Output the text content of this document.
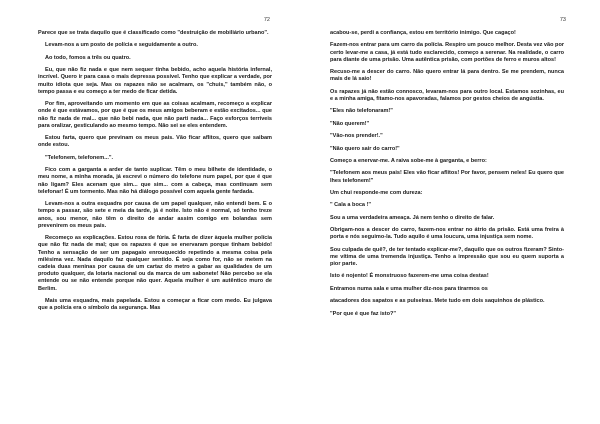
72

Parece que se trata daquilo que é classificado como "destruição de mobiliário urbano".

Levam-nos a um posto de polícia e seguidamente a outro.

Ao todo, fomos a três ou quatro.

Eu, que não fiz nada e que nem sequer tinha bebido, acho aquela história infernal, incrível. Quero ir para casa o mais depressa possível. Tenho que explicar a verdade, por muito idiota que seja. Mas os rapazes não se acalmam, os "chuis," também não, o tempo passa e eu começo a ter medo de ficar detida.

Por fim, aproveitando um momento em que as coisas acalmam, recomeço a explicar onde é que estávamos, por que é que os meus amigos beberam e estão excitados... que não fiz nada de mal... que não bebi nada, que não parti nada... Faço esforços terríveis para oralizar, gesticulando ao mesmo tempo. Não sei se eles entendem.

Estou farta, quero que previnam os meus pais. Vão ficar aflitos, quero que saibam onde estou.

"Telefonem, telefonem...".

Fico com a garganta a arder de tanto suplicar. Têm o meu bilhete de identidade, o meu nome, a minha morada, já escrevi o número do telefone num papel, por que é que não ligam? Eles acenam que sim... que sim... com a cabeça, mas continuam sem telefonar! É um tormento. Mas não há diálogo possível com aquela gente fardada.

Levam-nos a outra esquadra por causa de um papel qualquer, não entendi bem. E o tempo a passar, são sete e meia da tarde, já é noite. Isto não é normal, só tenho treze anos, sou menor, não têm o direito de andar assim comigo em bolandas sem prevenirem os meus pais.

Recomeço as explicações. Estou roxa de fúria. É farta de dizer àquela mulher polícia que não fiz nada de mal; que os rapazes é que se enervaram porque tinham bebido! Tenho a sensação de ser um papagaio enrouquecido repetindo a mesma coisa pela milésima vez. Nada daquilo faz qualquer sentido. É seja como for, não se metem na cadeia duas meninas por causa de um cartaz do metro a gabar as qualidades de um produto qualquer, da lotaria nacional ou da marca de um sabonete! Não percebo se ela entende ou se não entende porque não quer. Aquela mulher é um autêntico muro de Berlim.

Mais uma esquadra, mais papelada. Estou a começar a ficar com medo. Eu julgava que a polícia era o símbolo da segurança. Mas

73

acabou-se, perdi a confiança, estou em território inimigo. Que cagaço!

Fazem-nos entrar para um carro da polícia. Respiro um pouco melhor. Desta vez vão por certo levar-me a casa, já está tudo esclarecido, começo a serenar. Na realidade, o carro para diante de uma prisão. Uma autêntica prisão, com portões de ferro e muros altos!

Recuso-me a descer do carro. Não quero entrar lá para dentro. Se me prendem, nunca mais de lá saio!

Os rapazes já não estão connosco, levaram-nos para outro local. Estamos sozinhas, eu e a minha amiga, fitamo-nos apavoradas, falamos por gestos cheios de angústia.

"Eles não telefonaram!"

"Não querem!"

"Vão-nos prender!."

"Não quero sair do carro!"

Começo a enervar-me. A raiva sobe-me à garganta, e berro:

"Telefonem aos meus pais! Eles vão ficar aflitos! Por favor, pensem neles! Eu quero que lhes telefonem!"

Um chui responde-me com dureza:

" Cala a boca !"

Sou a uma verdadeira ameaça. Já nem tenho o direito de falar.

Obrigam-nos a descer do carro, fazem-nos entrar no átrio da prisão. Está uma freira à porta e nós seguimo-la. Tudo aquilo é uma loucura, uma injustiça sem nome.

Sou culpada de quê?, de ter tentado explicar-me?, daquilo que os outros fizeram? Sinto-me vítima de uma tremenda injustiça. Tenho a impressão que sou eu quem suporta a pior parte.

Isto é nojento! É monstruoso fazerem-me uma coisa destas!

Entramos numa sala e uma mulher diz-nos para tirarmos os

atacadores dos sapatos e as pulseiras. Mete tudo em dois saquinhos de plástico.

"Por que é que faz isto?"
